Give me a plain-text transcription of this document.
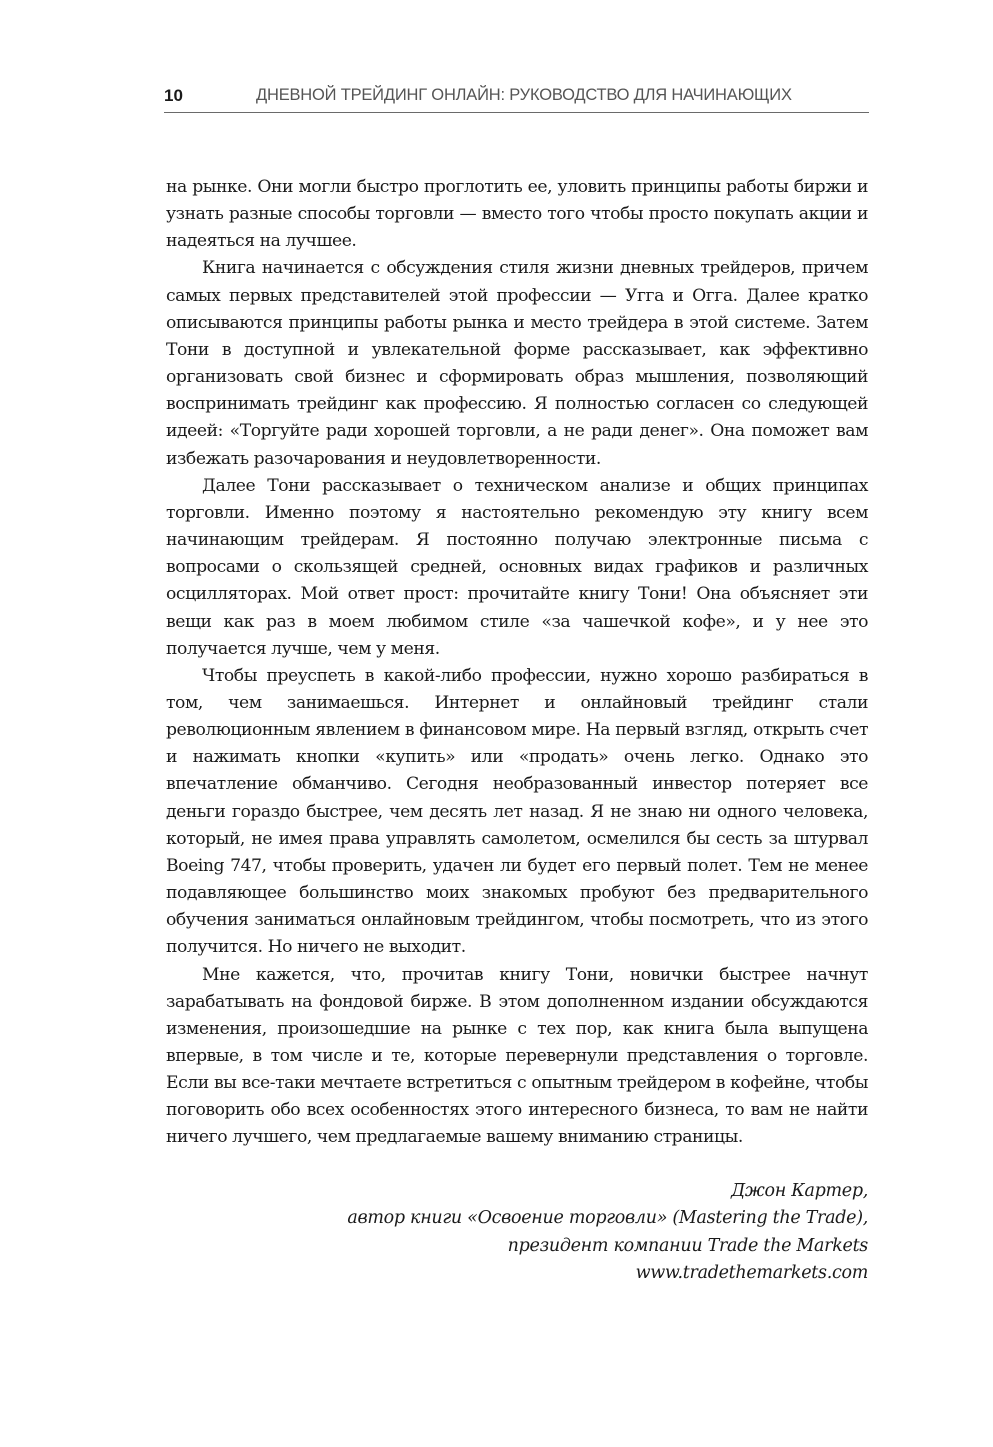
10	ДНЕВНОЙ ТРЕЙДИНГ ОНЛАЙН: РУКОВОДСТВО ДЛЯ НАЧИНАЮЩИХ

на рынке. Они могли быстро проглотить ее, уловить принципы работы биржи и узнать разные способы торговли — вместо того чтобы просто покупать акции и надеяться на лучшее.

Книга начинается с обсуждения стиля жизни дневных трейдеров, причем самых первых представителей этой профессии — Угга и Огга. Далее кратко описываются принципы работы рынка и место трейдера в этой системе. Затем Тони в доступной и увлекательной форме рассказывает, как эффективно организовать свой бизнес и сформировать образ мышления, позволяющий воспринимать трейдинг как профессию. Я полностью согласен со следующей идеей: «Торгуйте ради хорошей торговли, а не ради денег». Она поможет вам избежать разочарования и неудовлетворенности.

Далее Тони рассказывает о техническом анализе и общих принципах торговли. Именно поэтому я настоятельно рекомендую эту книгу всем начинающим трейдерам. Я постоянно получаю электронные письма с вопросами о скользящей средней, основных видах графиков и различных осцилляторах. Мой ответ прост: прочитайте книгу Тони! Она объясняет эти вещи как раз в моем любимом стиле «за чашечкой кофе», и у нее это получается лучше, чем у меня.

Чтобы преуспеть в какой-либо профессии, нужно хорошо разбираться в том, чем занимаешься. Интернет и онлайновый трейдинг стали революционным явлением в финансовом мире. На первый взгляд, открыть счет и нажимать кнопки «купить» или «продать» очень легко. Однако это впечатление обманчиво. Сегодня необразованный инвестор потеряет все деньги гораздо быстрее, чем десять лет назад. Я не знаю ни одного человека, который, не имея права управлять самолетом, осмелился бы сесть за штурвал Boeing 747, чтобы проверить, удачен ли будет его первый полет. Тем не менее подавляющее большинство моих знакомых пробуют без предварительного обучения заниматься онлайновым трейдингом, чтобы посмотреть, что из этого получится. Но ничего не выходит.

Мне кажется, что, прочитав книгу Тони, новички быстрее начнут зарабатывать на фондовой бирже. В этом дополненном издании обсуждаются изменения, произошедшие на рынке с тех пор, как книга была выпущена впервые, в том числе и те, которые перевернули представления о торговле. Если вы все-таки мечтаете встретиться с опытным трейдером в кофейне, чтобы поговорить обо всех особенностях этого интересного бизнеса, то вам не найти ничего лучшего, чем предлагаемые вашему вниманию страницы.

Джон Картер,
автор книги «Освоение торговли» (Mastering the Trade),
президент компании Trade the Markets
www.tradethemarkets.com
